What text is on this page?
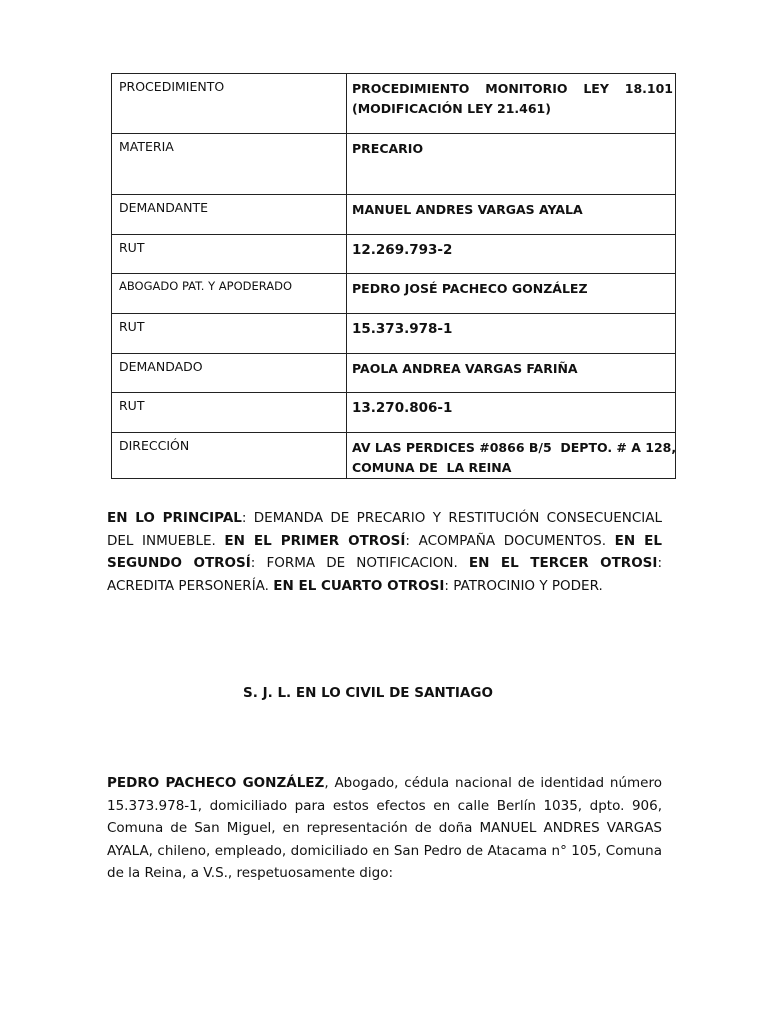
PROCEDIMIENTO	PROCEDIMIENTO MONITORIO LEY 18.101
(MODIFICACIÓN LEY 21.461)

MATERIA	PRECARIO
DEMANDANTE	MANUEL ANDRES VARGAS AYALA
RUT	12.269.793-2
ABOGADO PAT. Y APODERADO	PEDRO JOSÉ PACHECO GONZÁLEZ
RUT	15.373.978-1
DEMANDADO	PAOLA ANDREA VARGAS FARIÑA
RUT	13.270.806-1
DIRECCIÓN	AV LAS PERDICES #0866 B/5  DEPTO. # A 128,
COMUNA DE  LA REINA
EN LO PRINCIPAL: DEMANDA DE PRECARIO Y RESTITUCIÓN CONSECUENCIAL
DEL INMUEBLE. EN EL PRIMER OTROSÍ: ACOMPAÑA DOCUMENTOS. EN EL
SEGUNDO OTROSÍ: FORMA DE NOTIFICACION. EN EL TERCER OTROSI:
ACREDITA PERSONERÍA. EN EL CUARTO OTROSI: PATROCINIO Y PODER.
S. J. L. EN LO CIVIL DE SANTIAGO
PEDRO PACHECO GONZÁLEZ, Abogado, cédula nacional de identidad número
15.373.978-1, domiciliado para estos efectos en calle Berlín 1035, dpto. 906,
Comuna de San Miguel, en representación de doña MANUEL ANDRES VARGAS
AYALA, chileno, empleado, domiciliado en San Pedro de Atacama n° 105, Comuna
de la Reina, a V.S., respetuosamente digo:
